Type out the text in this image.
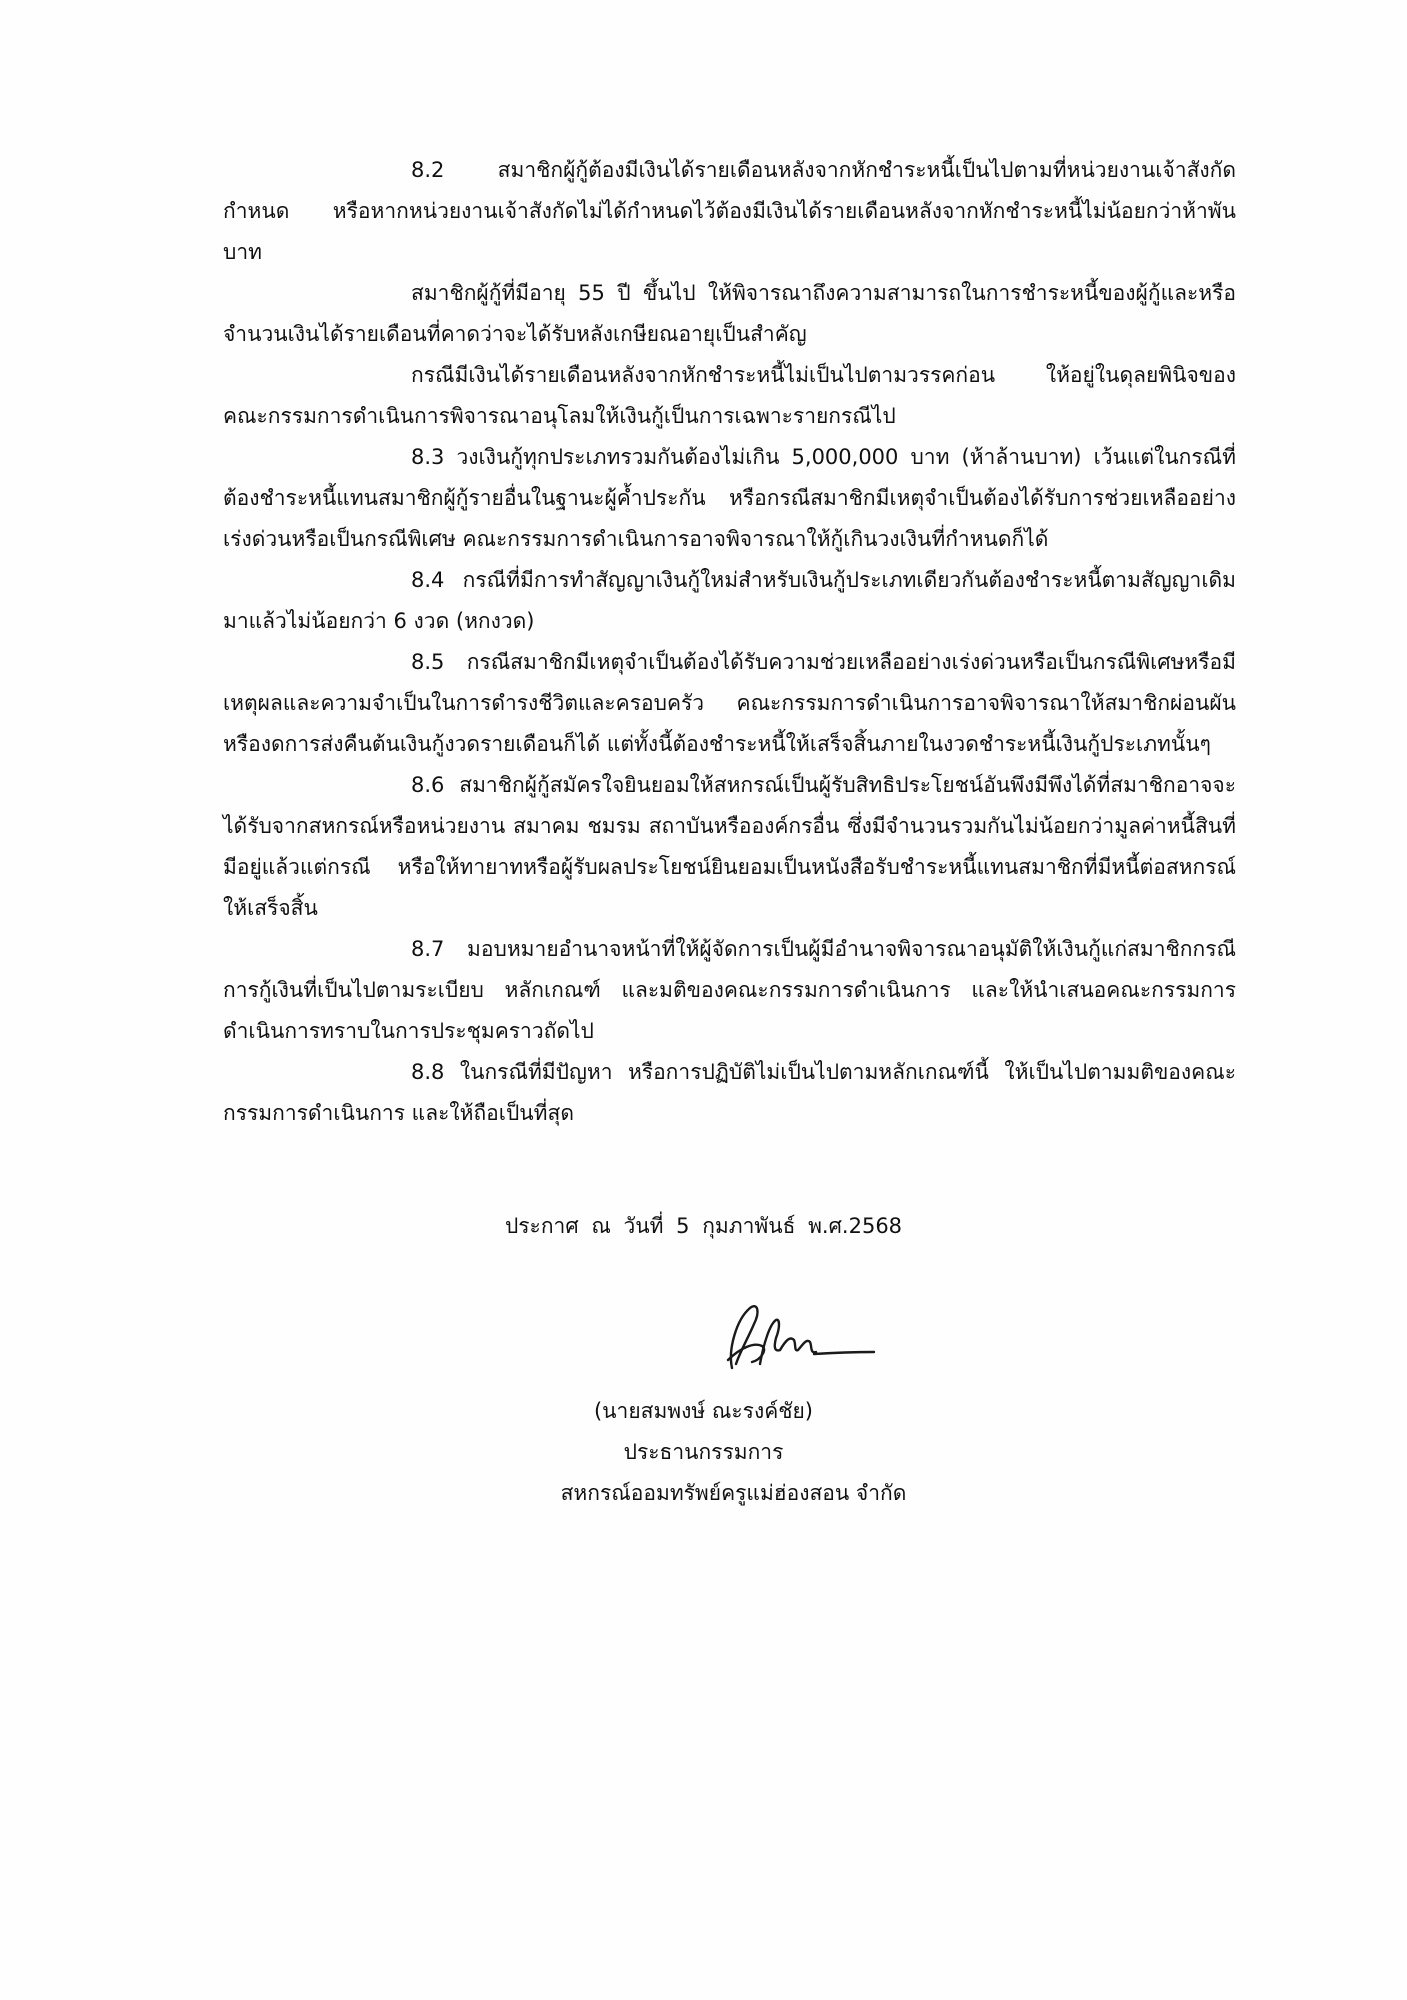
8.2 สมาชิกผู้กู้ต้องมีเงินได้รายเดือนหลังจากหักชำระหนี้เป็นไปตามที่หน่วยงานเจ้าสังกัดกำหนด หรือหากหน่วยงานเจ้าสังกัดไม่ได้กำหนดไว้ต้องมีเงินได้รายเดือนหลังจากหักชำระหนี้ไม่น้อยกว่าห้าพันบาท

สมาชิกผู้กู้ที่มีอายุ 55 ปี ขึ้นไป ให้พิจารณาถึงความสามารถในการชำระหนี้ของผู้กู้และหรือจำนวนเงินได้รายเดือนที่คาดว่าจะได้รับหลังเกษียณอายุเป็นสำคัญ

กรณีมีเงินได้รายเดือนหลังจากหักชำระหนี้ไม่เป็นไปตามวรรคก่อน ให้อยู่ในดุลยพินิจของคณะกรรมการดำเนินการพิจารณาอนุโลมให้เงินกู้เป็นการเฉพาะรายกรณีไป

8.3 วงเงินกู้ทุกประเภทรวมกันต้องไม่เกิน 5,000,000 บาท (ห้าล้านบาท) เว้นแต่ในกรณีที่ต้องชำระหนี้แทนสมาชิกผู้กู้รายอื่นในฐานะผู้ค้ำประกัน หรือกรณีสมาชิกมีเหตุจำเป็นต้องได้รับการช่วยเหลืออย่างเร่งด่วนหรือเป็นกรณีพิเศษ คณะกรรมการดำเนินการอาจพิจารณาให้กู้เกินวงเงินที่กำหนดก็ได้

8.4 กรณีที่มีการทำสัญญาเงินกู้ใหม่สำหรับเงินกู้ประเภทเดียวกันต้องชำระหนี้ตามสัญญาเดิมมาแล้วไม่น้อยกว่า 6 งวด (หกงวด)

8.5 กรณีสมาชิกมีเหตุจำเป็นต้องได้รับความช่วยเหลืออย่างเร่งด่วนหรือเป็นกรณีพิเศษหรือมีเหตุผลและความจำเป็นในการดำรงชีวิตและครอบครัว คณะกรรมการดำเนินการอาจพิจารณาให้สมาชิกผ่อนผันหรืองดการส่งคืนต้นเงินกู้งวดรายเดือนก็ได้ แต่ทั้งนี้ต้องชำระหนี้ให้เสร็จสิ้นภายในงวดชำระหนี้เงินกู้ประเภทนั้นๆ

8.6 สมาชิกผู้กู้สมัครใจยินยอมให้สหกรณ์เป็นผู้รับสิทธิประโยชน์อันพึงมีพึงได้ที่สมาชิกอาจจะได้รับจากสหกรณ์หรือหน่วยงาน สมาคม ชมรม สถาบันหรือองค์กรอื่น ซึ่งมีจำนวนรวมกันไม่น้อยกว่ามูลค่าหนี้สินที่มีอยู่แล้วแต่กรณี หรือให้ทายาทหรือผู้รับผลประโยชน์ยินยอมเป็นหนังสือรับชำระหนี้แทนสมาชิกที่มีหนี้ต่อสหกรณ์ให้เสร็จสิ้น

8.7 มอบหมายอำนาจหน้าที่ให้ผู้จัดการเป็นผู้มีอำนาจพิจารณาอนุมัติให้เงินกู้แก่สมาชิกกรณีการกู้เงินที่เป็นไปตามระเบียบ หลักเกณฑ์ และมติของคณะกรรมการดำเนินการ และให้นำเสนอคณะกรรมการดำเนินการทราบในการประชุมคราวถัดไป

8.8 ในกรณีที่มีปัญหา หรือการปฏิบัติไม่เป็นไปตามหลักเกณฑ์นี้ ให้เป็นไปตามมติของคณะกรรมการดำเนินการ และให้ถือเป็นที่สุด

ประกาศ ณ วันที่ 5 กุมภาพันธ์ พ.ศ.2568
(นายสมพงษ์ ณะรงค์ชัย)
ประธานกรรมการ
สหกรณ์ออมทรัพย์ครูแม่ฮ่องสอน จำกัด
